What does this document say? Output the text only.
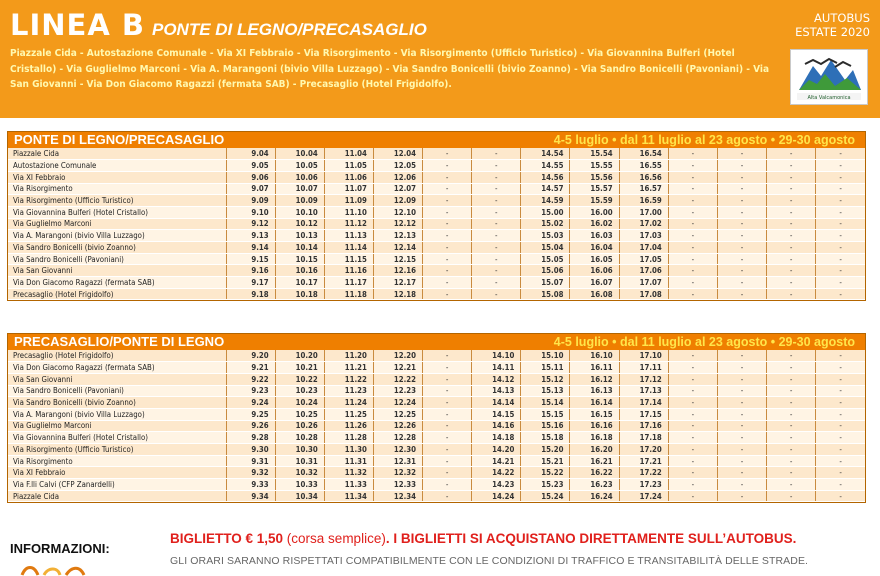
LINEA B PONTE DI LEGNO/PRECASAGLIO
AUTOBUS
ESTATE 2020
Piazzale Cida - Autostazione Comunale - Via XI Febbraio - Via Risorgimento - Via Risorgimento (Ufficio Turistico) - Via Giovannina Bulferi (Hotel Cristallo) - Via Guglielmo Marconi - Via A. Marangoni (bivio Villa Luzzago) - Via Sandro Bonicelli (bivio Zoanno) - Via Sandro Bonicelli (Pavoniani) - Via San Giovanni - Via Don Giacomo Ragazzi (fermata SAB) - Precasaglio (Hotel Frigidolfo).
Alta Valcamonica
PONTE DI LEGNO/PRECASAGLIO	4-5 luglio • dal 11 luglio al 23 agosto • 29-30 agosto
Piazzale Cida	9.04	10.04	11.04	12.04	-	-	14.54	15.54	16.54	-	-	-	-
Autostazione Comunale	9.05	10.05	11.05	12.05	-	-	14.55	15.55	16.55	-	-	-	-
Via XI Febbraio	9.06	10.06	11.06	12.06	-	-	14.56	15.56	16.56	-	-	-	-
Via Risorgimento	9.07	10.07	11.07	12.07	-	-	14.57	15.57	16.57	-	-	-	-
Via Risorgimento (Ufficio Turistico)	9.09	10.09	11.09	12.09	-	-	14.59	15.59	16.59	-	-	-	-
Via Giovannina Bulferi (Hotel Cristallo)	9.10	10.10	11.10	12.10	-	-	15.00	16.00	17.00	-	-	-	-
Via Guglielmo Marconi	9.12	10.12	11.12	12.12	-	-	15.02	16.02	17.02	-	-	-	-
Via A. Marangoni (bivio Villa Luzzago)	9.13	10.13	11.13	12.13	-	-	15.03	16.03	17.03	-	-	-	-
Via Sandro Bonicelli (bivio Zoanno)	9.14	10.14	11.14	12.14	-	-	15.04	16.04	17.04	-	-	-	-
Via Sandro Bonicelli (Pavoniani)	9.15	10.15	11.15	12.15	-	-	15.05	16.05	17.05	-	-	-	-
Via San Giovanni	9.16	10.16	11.16	12.16	-	-	15.06	16.06	17.06	-	-	-	-
Via Don Giacomo Ragazzi (fermata SAB)	9.17	10.17	11.17	12.17	-	-	15.07	16.07	17.07	-	-	-	-
Precasaglio (Hotel Frigidolfo)	9.18	10.18	11.18	12.18	-	-	15.08	16.08	17.08	-	-	-	-
PRECASAGLIO/PONTE DI LEGNO	4-5 luglio • dal 11 luglio al 23 agosto • 29-30 agosto
Precasaglio (Hotel Frigidolfo)	9.20	10.20	11.20	12.20	-	14.10	15.10	16.10	17.10	-	-	-	-
Via Don Giacomo Ragazzi (fermata SAB)	9.21	10.21	11.21	12.21	-	14.11	15.11	16.11	17.11	-	-	-	-
Via San Giovanni	9.22	10.22	11.22	12.22	-	14.12	15.12	16.12	17.12	-	-	-	-
Via Sandro Bonicelli (Pavoniani)	9.23	10.23	11.23	12.23	-	14.13	15.13	16.13	17.13	-	-	-	-
Via Sandro Bonicelli (bivio Zoanno)	9.24	10.24	11.24	12.24	-	14.14	15.14	16.14	17.14	-	-	-	-
Via A. Marangoni (bivio Villa Luzzago)	9.25	10.25	11.25	12.25	-	14.15	15.15	16.15	17.15	-	-	-	-
Via Guglielmo Marconi	9.26	10.26	11.26	12.26	-	14.16	15.16	16.16	17.16	-	-	-	-
Via Giovannina Bulferi (Hotel Cristallo)	9.28	10.28	11.28	12.28	-	14.18	15.18	16.18	17.18	-	-	-	-
Via Risorgimento (Ufficio Turistico)	9.30	10.30	11.30	12.30	-	14.20	15.20	16.20	17.20	-	-	-	-
Via Risorgimento	9.31	10.31	11.31	12.31	-	14.21	15.21	16.21	17.21	-	-	-	-
Via XI Febbraio	9.32	10.32	11.32	12.32	-	14.22	15.22	16.22	17.22	-	-	-	-
Via F.lli Calvi (CFP Zanardelli)	9.33	10.33	11.33	12.33	-	14.23	15.23	16.23	17.23	-	-	-	-
Piazzale Cida	9.34	10.34	11.34	12.34	-	14.24	15.24	16.24	17.24	-	-	-	-
INFORMAZIONI:
BIGLIETTO € 1,50 (corsa semplice). I BIGLIETTI SI ACQUISTANO DIRETTAMENTE SULL’AUTOBUS.
GLI ORARI SARANNO RISPETTATI COMPATIBILMENTE CON LE CONDIZIONI DI TRAFFICO E TRANSITABILITÀ DELLE STRADE.
